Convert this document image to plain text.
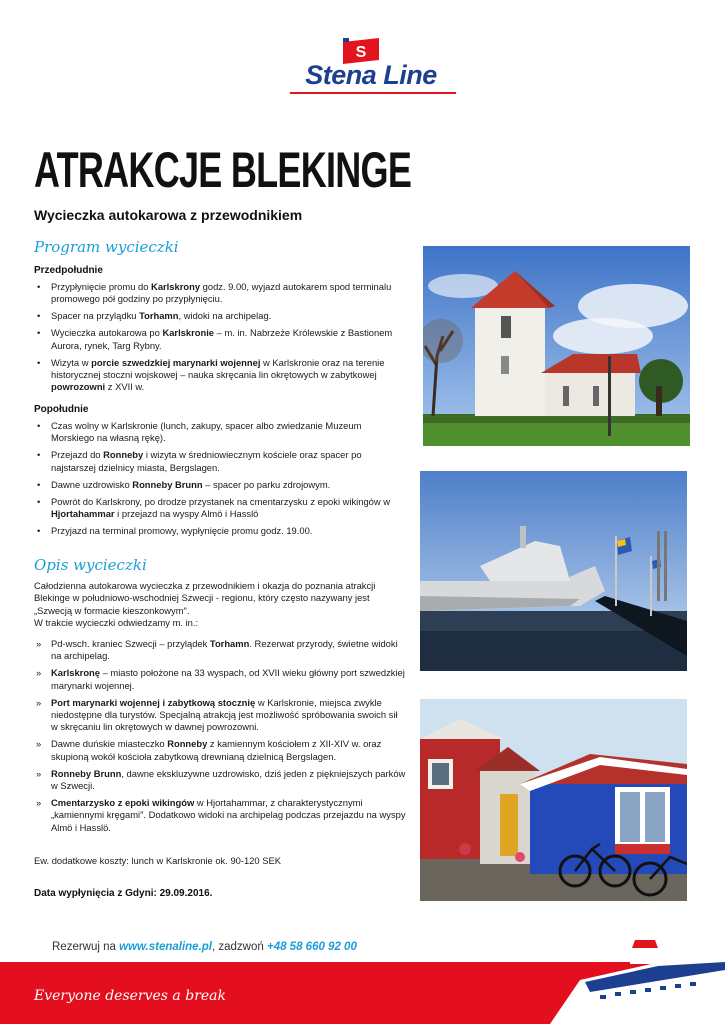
S
Stena Line
ATRAKCJE BLEKINGE
Wycieczka autokarowa z przewodnikiem
Program wycieczki
Przedpołudnie
• Przypłynięcie promu do Karlskrony godz. 9.00, wyjazd autokarem spod terminalu promowego pół godziny po przypłynięciu.
• Spacer na przylądku Torhamn, widoki na archipelag.
• Wycieczka autokarowa po Karlskronie – m. in. Nabrzeże Królewskie z Bastionem Aurora, rynek, Targ Rybny.
• Wizyta w porcie szwedzkiej marynarki wojennej w Karlskronie oraz na terenie historycznej stoczni wojskowej – nauka skręcania lin okrętowych w zabytkowej powrozowni z XVII w.
Popołudnie
• Czas wolny w Karlskronie (lunch, zakupy, spacer albo zwiedzanie Muzeum Morskiego na własną rękę).
• Przejazd do Ronneby i wizyta w średniowiecznym kościele oraz spacer po najstarszej dzielnicy miasta, Bergslagen.
• Dawne uzdrowisko Ronneby Brunn – spacer po parku zdrojowym.
• Powrót do Karlskrony, po drodze przystanek na cmentarzysku z epoki wikingów w Hjortahammar i przejazd na wyspy Almö i Hasslö
• Przyjazd na terminal promowy, wypłynięcie promu godz. 19.00.
Opis wycieczki
Całodzienna autokarowa wycieczka z przewodnikiem i okazja do poznania atrakcji Blekinge w południowo-wschodniej Szwecji - regionu, który często nazywany jest „Szwecją w formacie kieszonkowym".
W trakcie wycieczki odwiedzamy m. in.:
» Pd-wsch. kraniec Szwecji – przylądek Torhamn. Rezerwat przyrody, świetne widoki na archipelag.
» Karlskronę – miasto położone na 33 wyspach, od XVII wieku główny port szwedzkiej marynarki wojennej.
» Port marynarki wojennej i zabytkową stocznię w Karlskronie, miejsca zwykle niedostępne dla turystów. Specjalną atrakcją jest możliwość spróbowania swoich sił w skręcaniu lin okrętowych w dawnej powrozowni.
» Dawne duńskie miasteczko Ronneby z kamiennym kościołem z XII-XIV w. oraz skupioną wokół kościoła zabytkową drewnianą dzielnicą Bergslagen.
» Ronneby Brunn, dawne ekskluzywne uzdrowisko, dziś jeden z piękniejszych parków w Szwecji.
» Cmentarzysko z epoki wikingów w Hjortahammar, z charakterystycznymi „kamiennymi kręgami". Dodatkowo widoki na archipelag podczas przejazdu na wyspy Almö i Hasslö.
Ew. dodatkowe koszty: lunch w Karlskronie ok. 90-120 SEK
Data wypłynięcia z Gdyni: 29.09.2016.
Rezerwuj na www.stenaline.pl, zadzwoń +48 58 660 92 00
Everyone deserves a break
